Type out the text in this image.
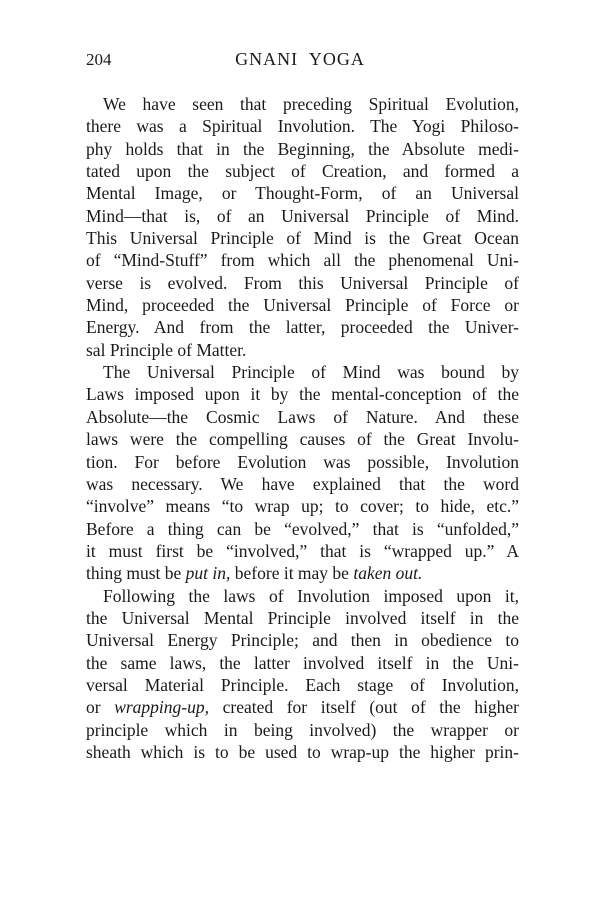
204	GNANI YOGA
We have seen that preceding Spiritual Evolution,
there was a Spiritual Involution. The Yogi Philoso-
phy holds that in the Beginning, the Absolute medi-
tated upon the subject of Creation, and formed a
Mental Image, or Thought-Form, of an Universal
Mind—that is, of an Universal Principle of Mind.
This Universal Principle of Mind is the Great Ocean
of “Mind-Stuff” from which all the phenomenal Uni-
verse is evolved. From this Universal Principle of
Mind, proceeded the Universal Principle of Force or
Energy. And from the latter, proceeded the Univer-
sal Principle of Matter.
The Universal Principle of Mind was bound by
Laws imposed upon it by the mental-conception of the
Absolute—the Cosmic Laws of Nature. And these
laws were the compelling causes of the Great Involu-
tion. For before Evolution was possible, Involution
was necessary. We have explained that the word
“involve” means “to wrap up; to cover; to hide, etc.”
Before a thing can be “evolved,” that is “unfolded,”
it must first be “involved,” that is “wrapped up.” A
thing must be put in, before it may be taken out.
Following the laws of Involution imposed upon it,
the Universal Mental Principle involved itself in the
Universal Energy Principle; and then in obedience to
the same laws, the latter involved itself in the Uni-
versal Material Principle. Each stage of Involution,
or wrapping-up, created for itself (out of the higher
principle which in being involved) the wrapper or
sheath which is to be used to wrap-up the higher prin-
